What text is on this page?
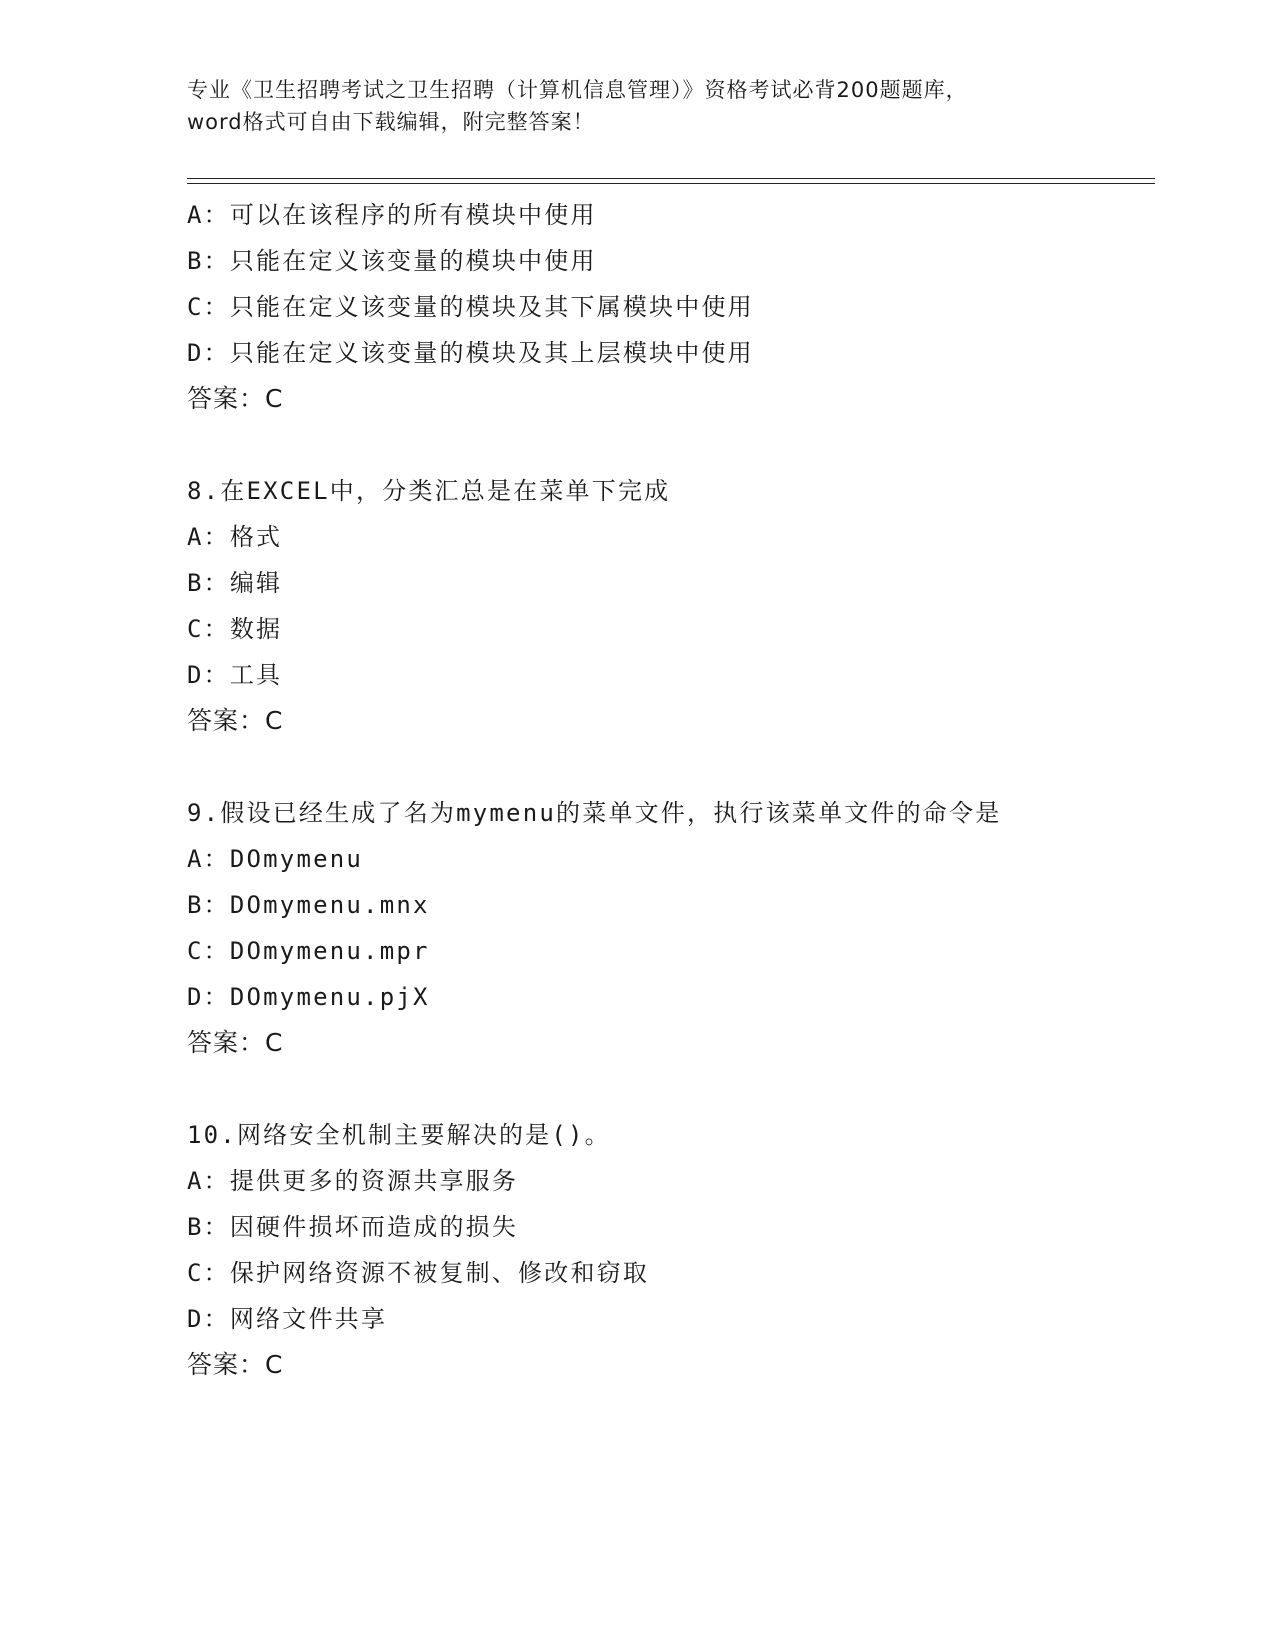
专业《卫生招聘考试之卫生招聘（计算机信息管理）》资格考试必背200题题库，
word格式可自由下载编辑，附完整答案！
A：可以在该程序的所有模块中使用
B：只能在定义该变量的模块中使用
C：只能在定义该变量的模块及其下属模块中使用
D：只能在定义该变量的模块及其上层模块中使用
答案：C
8.在EXCEL中，分类汇总是在菜单下完成
A：格式
B：编辑
C：数据
D：工具
答案：C
9.假设已经生成了名为mymenu的菜单文件，执行该菜单文件的命令是
A：DOmymenu
B：DOmymenu.mnx
C：DOmymenu.mpr
D：DOmymenu.pjX
答案：C
10.网络安全机制主要解决的是()。
A：提供更多的资源共享服务
B：因硬件损坏而造成的损失
C：保护网络资源不被复制、修改和窃取
D：网络文件共享
答案：C
